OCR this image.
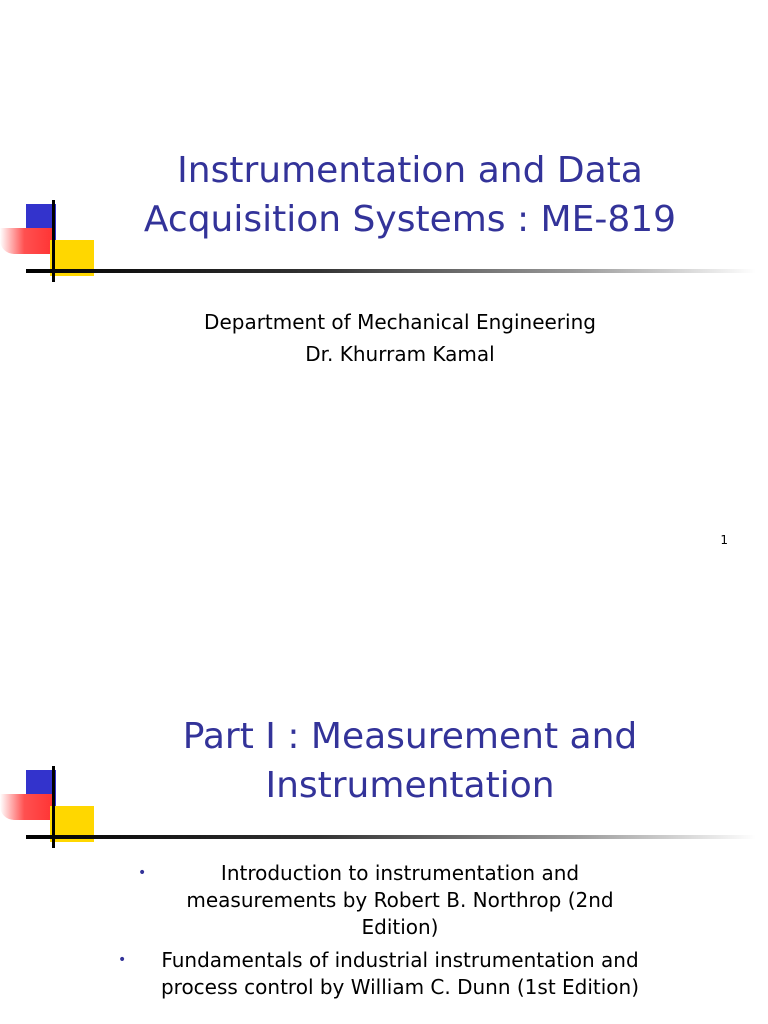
Instrumentation and Data
Acquisition Systems : ME-819
Department of Mechanical Engineering
Dr. Khurram Kamal
1
Part I : Measurement and
Instrumentation
•	Introduction to instrumentation and
measurements by Robert B. Northrop (2nd
Edition)
•	Fundamentals of industrial instrumentation and
process control by William C. Dunn (1st Edition)
